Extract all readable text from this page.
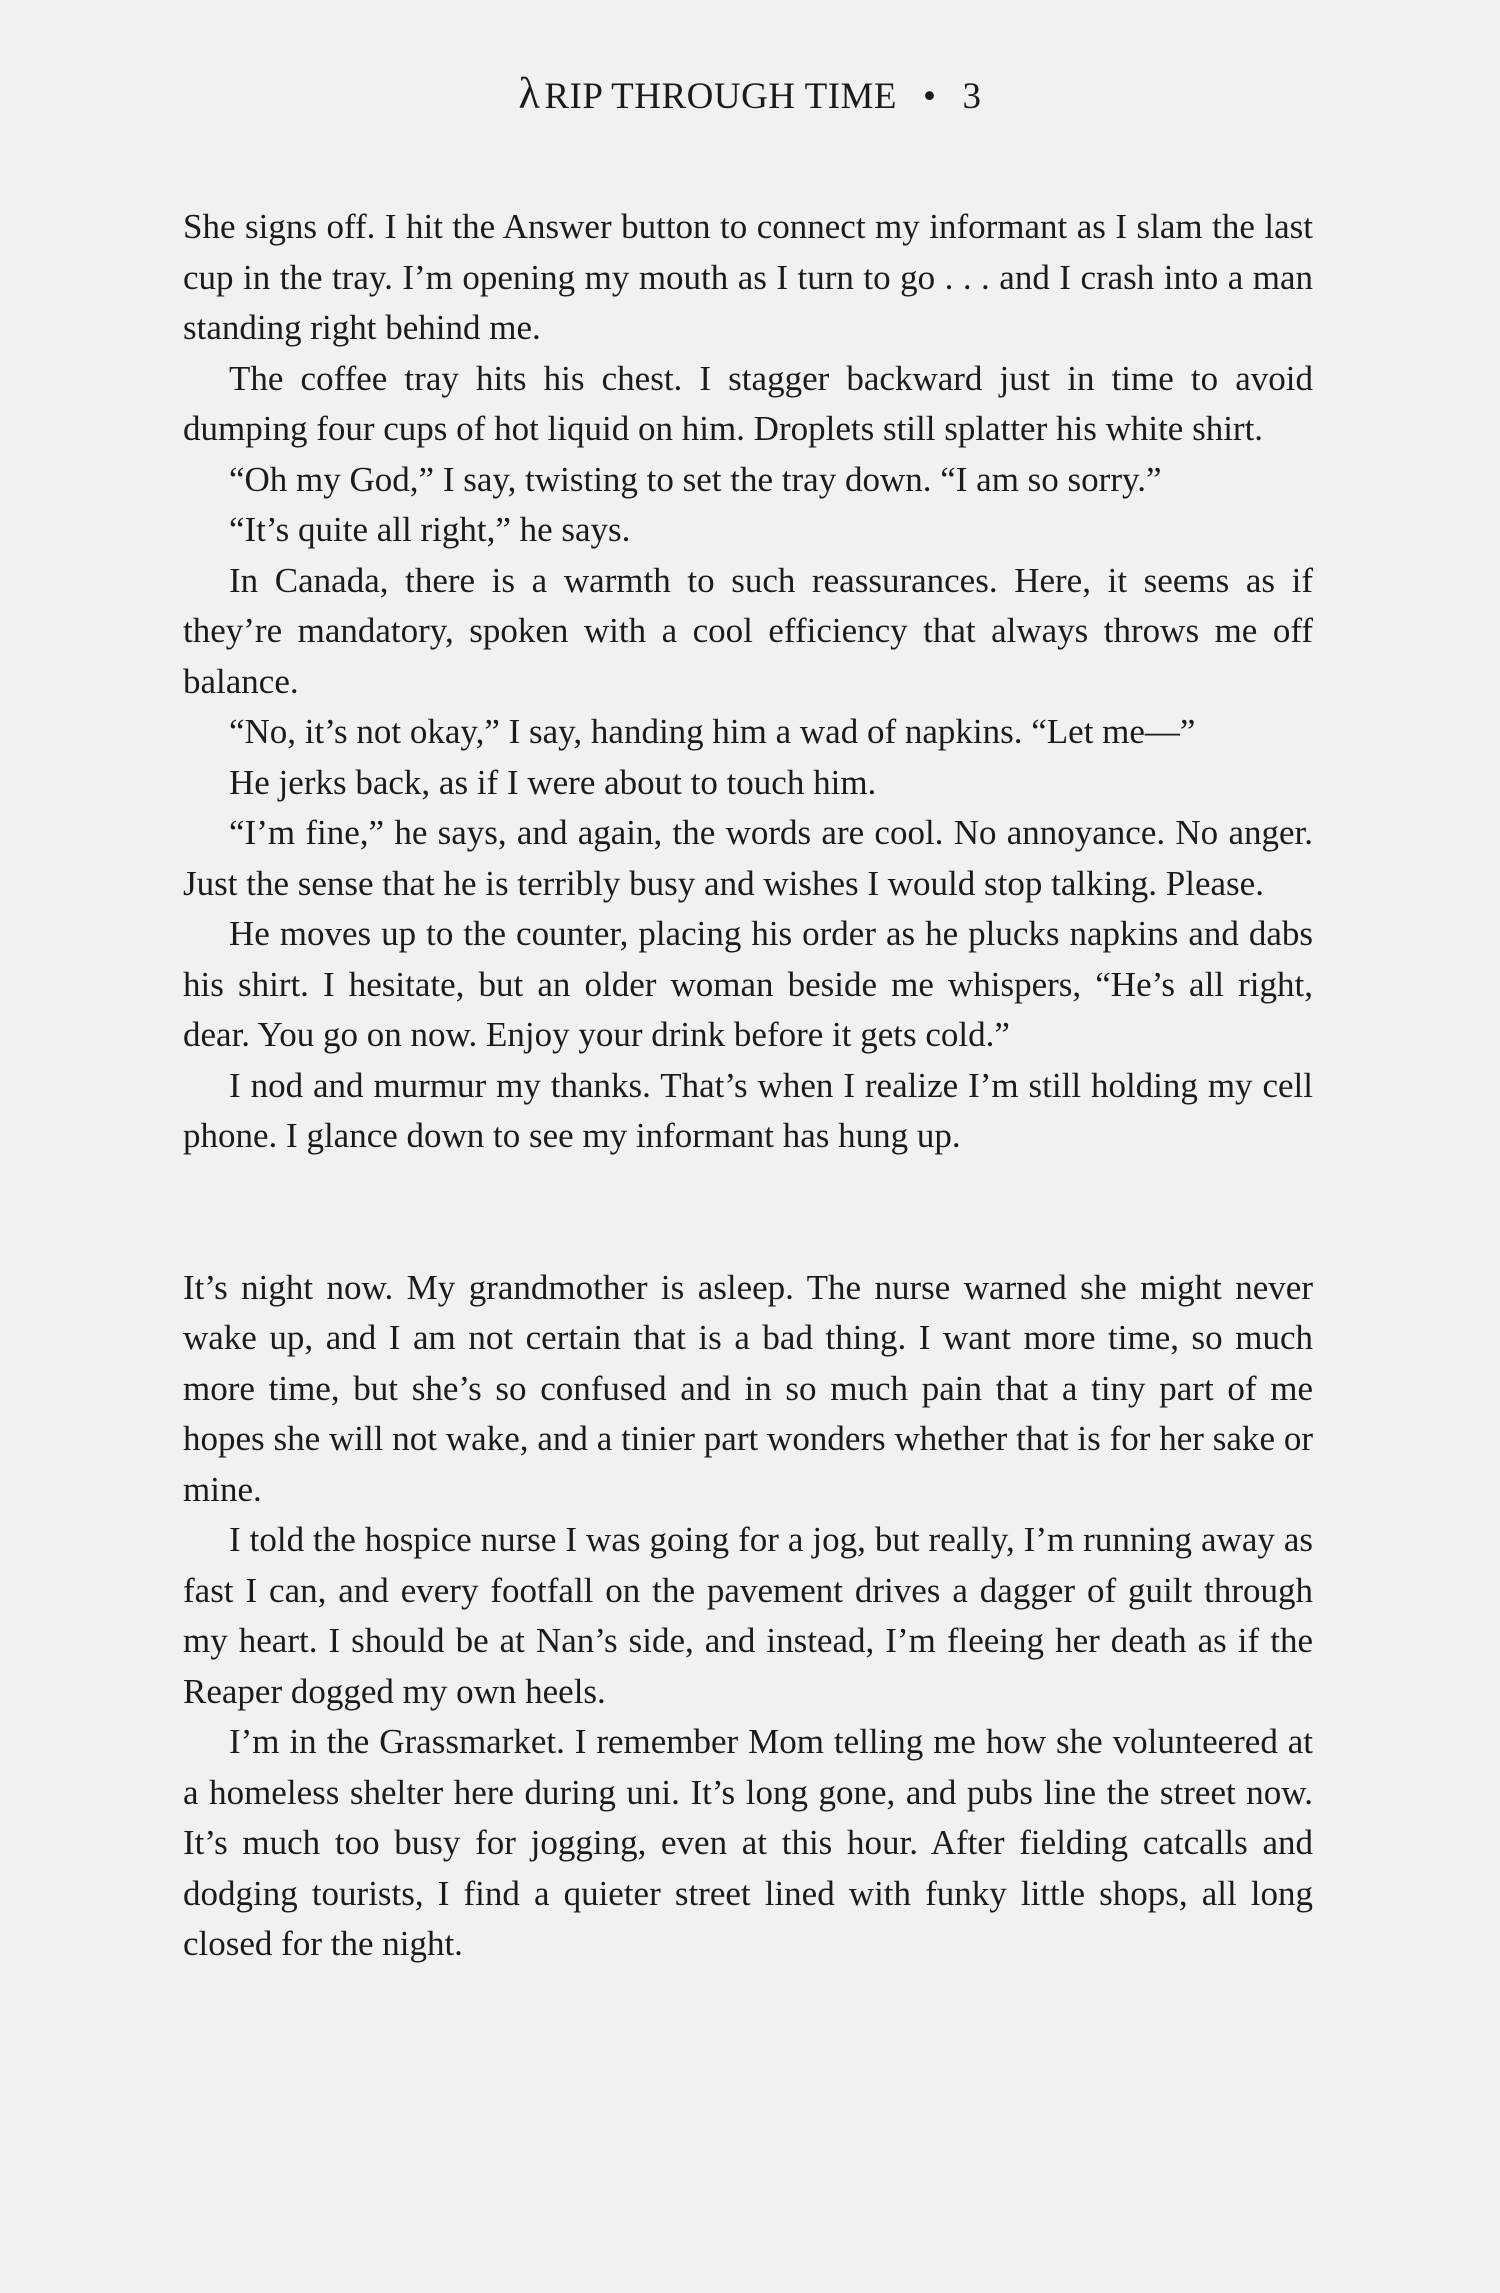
λ RIP THROUGH TIME • 3

She signs off. I hit the Answer button to connect my informant as I slam the last cup in the tray. I’m opening my mouth as I turn to go . . . and I crash into a man standing right behind me.

The coffee tray hits his chest. I stagger backward just in time to avoid dumping four cups of hot liquid on him. Droplets still splatter his white shirt.

“Oh my God,” I say, twisting to set the tray down. “I am so sorry.”

“It’s quite all right,” he says.

In Canada, there is a warmth to such reassurances. Here, it seems as if they’re mandatory, spoken with a cool efficiency that always throws me off balance.

“No, it’s not okay,” I say, handing him a wad of napkins. “Let me—”

He jerks back, as if I were about to touch him.

“I’m fine,” he says, and again, the words are cool. No annoyance. No anger. Just the sense that he is terribly busy and wishes I would stop talking. Please.

He moves up to the counter, placing his order as he plucks napkins and dabs his shirt. I hesitate, but an older woman beside me whispers, “He’s all right, dear. You go on now. Enjoy your drink before it gets cold.”

I nod and murmur my thanks. That’s when I realize I’m still holding my cell phone. I glance down to see my informant has hung up.

It’s night now. My grandmother is asleep. The nurse warned she might never wake up, and I am not certain that is a bad thing. I want more time, so much more time, but she’s so confused and in so much pain that a tiny part of me hopes she will not wake, and a tinier part wonders whether that is for her sake or mine.

I told the hospice nurse I was going for a jog, but really, I’m running away as fast I can, and every footfall on the pavement drives a dagger of guilt through my heart. I should be at Nan’s side, and instead, I’m fleeing her death as if the Reaper dogged my own heels.

I’m in the Grassmarket. I remember Mom telling me how she volunteered at a homeless shelter here during uni. It’s long gone, and pubs line the street now. It’s much too busy for jogging, even at this hour. After fielding catcalls and dodging tourists, I find a quieter street lined with funky little shops, all long closed for the night.
